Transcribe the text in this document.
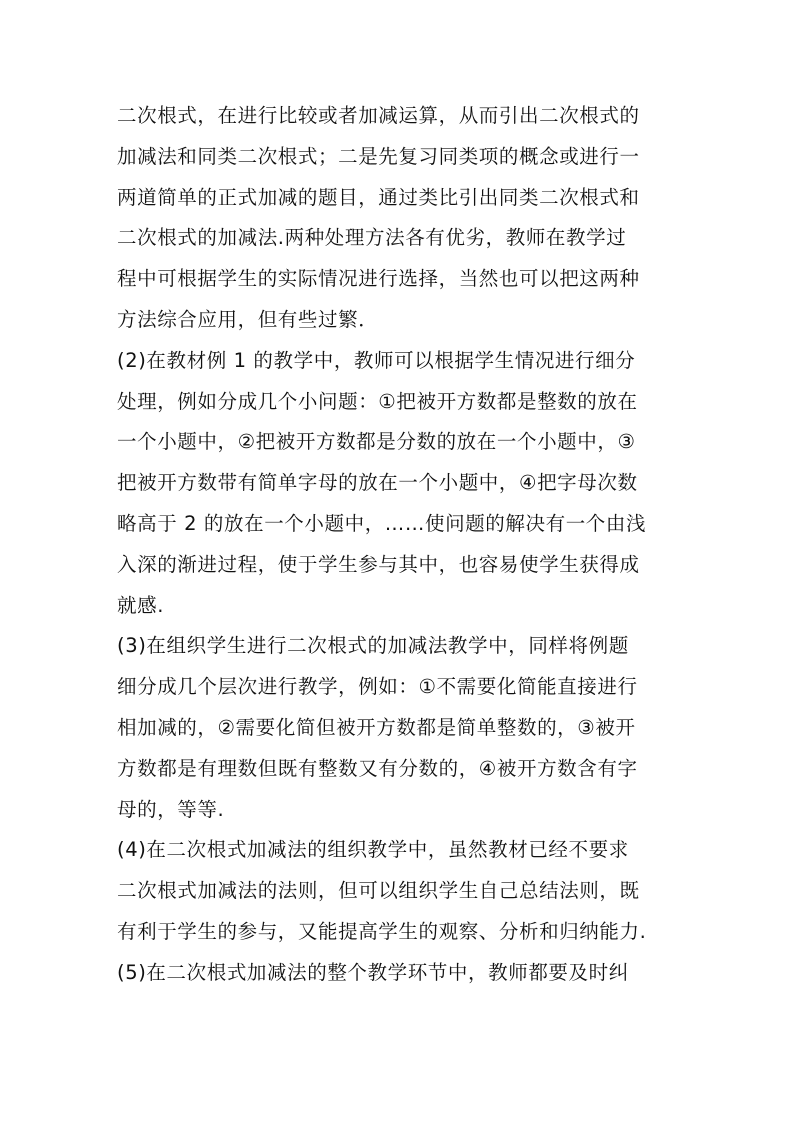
二次根式，在进行比较或者加减运算，从而引出二次根式的
加减法和同类二次根式；二是先复习同类项的概念或进行一
两道简单的正式加减的题目，通过类比引出同类二次根式和
二次根式的加减法.两种处理方法各有优劣，教师在教学过
程中可根据学生的实际情况进行选择，当然也可以把这两种
方法综合应用，但有些过繁．
(2)在教材例 1 的教学中，教师可以根据学生情况进行细分
处理，例如分成几个小问题：①把被开方数都是整数的放在
一个小题中，②把被开方数都是分数的放在一个小题中，③
把被开方数带有简单字母的放在一个小题中，④把字母次数
略高于 2 的放在一个小题中，……使问题的解决有一个由浅
入深的渐进过程，使于学生参与其中，也容易使学生获得成
就感.
(3)在组织学生进行二次根式的加减法教学中，同样将例题
细分成几个层次进行教学，例如：①不需要化简能直接进行
相加减的，②需要化简但被开方数都是简单整数的，③被开
方数都是有理数但既有整数又有分数的，④被开方数含有字
母的，等等.
(4)在二次根式加减法的组织教学中，虽然教材已经不要求
二次根式加减法的法则，但可以组织学生自己总结法则，既
有利于学生的参与，又能提高学生的观察、分析和归纳能力.
(5)在二次根式加减法的整个教学环节中，教师都要及时纠
